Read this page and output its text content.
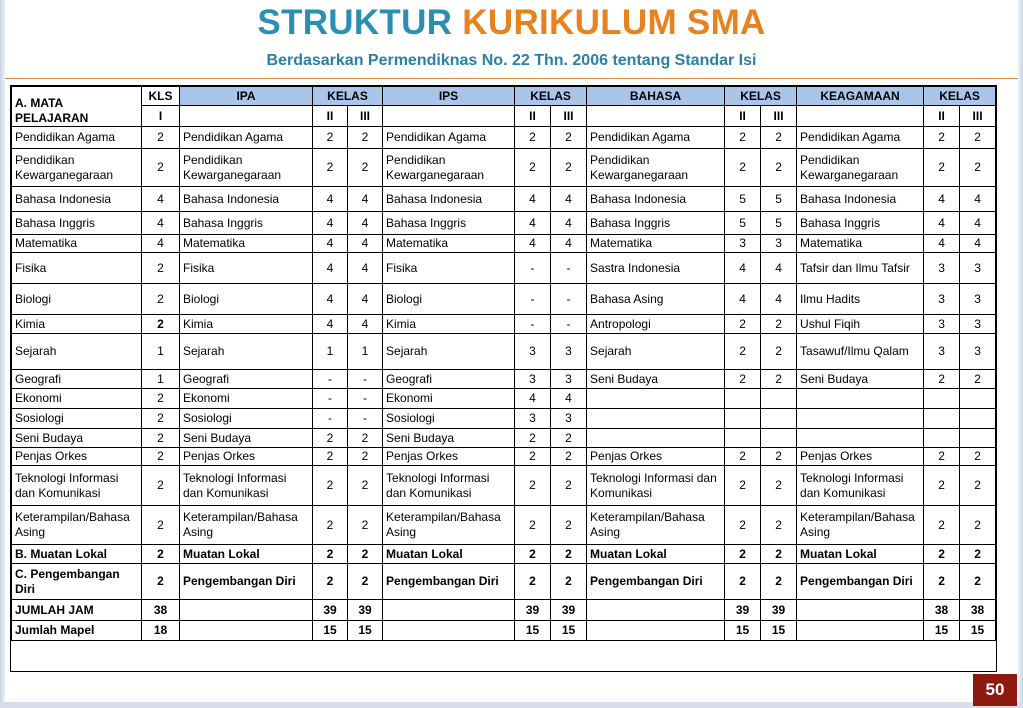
STRUKTUR KURIKULUM SMA
Berdasarkan Permendiknas No. 22 Thn. 2006 tentang Standar Isi
A. MATA PELAJARAN	KLS	IPA	KELAS		IPS	KELAS		BAHASA	KELAS		KEAGAMAAN	KELAS	
	I		II	III		II	III		II	III		II	III
Pendidikan Agama	2	Pendidikan Agama	2	2	Pendidikan Agama	2	2	Pendidikan Agama	2	2	Pendidikan Agama	2	2
Pendidikan Kewarganegaraan	2	Pendidikan Kewarganegaraan	2	2	Pendidikan Kewarganegaraan	2	2	Pendidikan Kewarganegaraan	2	2	Pendidikan Kewarganegaraan	2	2
Bahasa Indonesia	4	Bahasa Indonesia	4	4	Bahasa Indonesia	4	4	Bahasa Indonesia	5	5	Bahasa Indonesia	4	4
Bahasa Inggris	4	Bahasa Inggris	4	4	Bahasa Inggris	4	4	Bahasa Inggris	5	5	Bahasa Inggris	4	4
Matematika	4	Matematika	4	4	Matematika	4	4	Matematika	3	3	Matematika	4	4
Fisika	2	Fisika	4	4	Fisika	-	-	Sastra Indonesia	4	4	Tafsir dan Ilmu Tafsir	3	3
Biologi	2	Biologi	4	4	Biologi	-	-	Bahasa Asing	4	4	Ilmu Hadits	3	3
Kimia	2	Kimia	4	4	Kimia	-	-	Antropologi	2	2	Ushul Fiqih	3	3
Sejarah	1	Sejarah	1	1	Sejarah	3	3	Sejarah	2	2	Tasawuf/Ilmu Qalam	3	3
Geografi	1	Geografi	-	-	Geografi	3	3	Seni Budaya	2	2	Seni Budaya	2	2
Ekonomi	2	Ekonomi	-	-	Ekonomi	4	4						
Sosiologi	2	Sosiologi	-	-	Sosiologi	3	3						
Seni Budaya	2	Seni Budaya	2	2	Seni Budaya	2	2						
Penjas Orkes	2	Penjas Orkes	2	2	Penjas Orkes	2	2	Penjas Orkes	2	2	Penjas Orkes	2	2
Teknologi Informasi dan Komunikasi	2	Teknologi Informasi dan Komunikasi	2	2	Teknologi Informasi dan Komunikasi	2	2	Teknologi Informasi dan Komunikasi	2	2	Teknologi Informasi dan Komunikasi	2	2
Keterampilan/Bahasa Asing	2	Keterampilan/Bahasa Asing	2	2	Keterampilan/Bahasa Asing	2	2	Keterampilan/Bahasa Asing	2	2	Keterampilan/Bahasa Asing	2	2
B. Muatan Lokal	2	Muatan Lokal	2	2	Muatan Lokal	2	2	Muatan Lokal	2	2	Muatan Lokal	2	2
C. Pengembangan Diri	2	Pengembangan Diri	2	2	Pengembangan Diri	2	2	Pengembangan Diri	2	2	Pengembangan Diri	2	2
JUMLAH JAM	38		39	39		39	39		39	39		38	38
Jumlah Mapel	18		15	15		15	15		15	15		15	15
50
